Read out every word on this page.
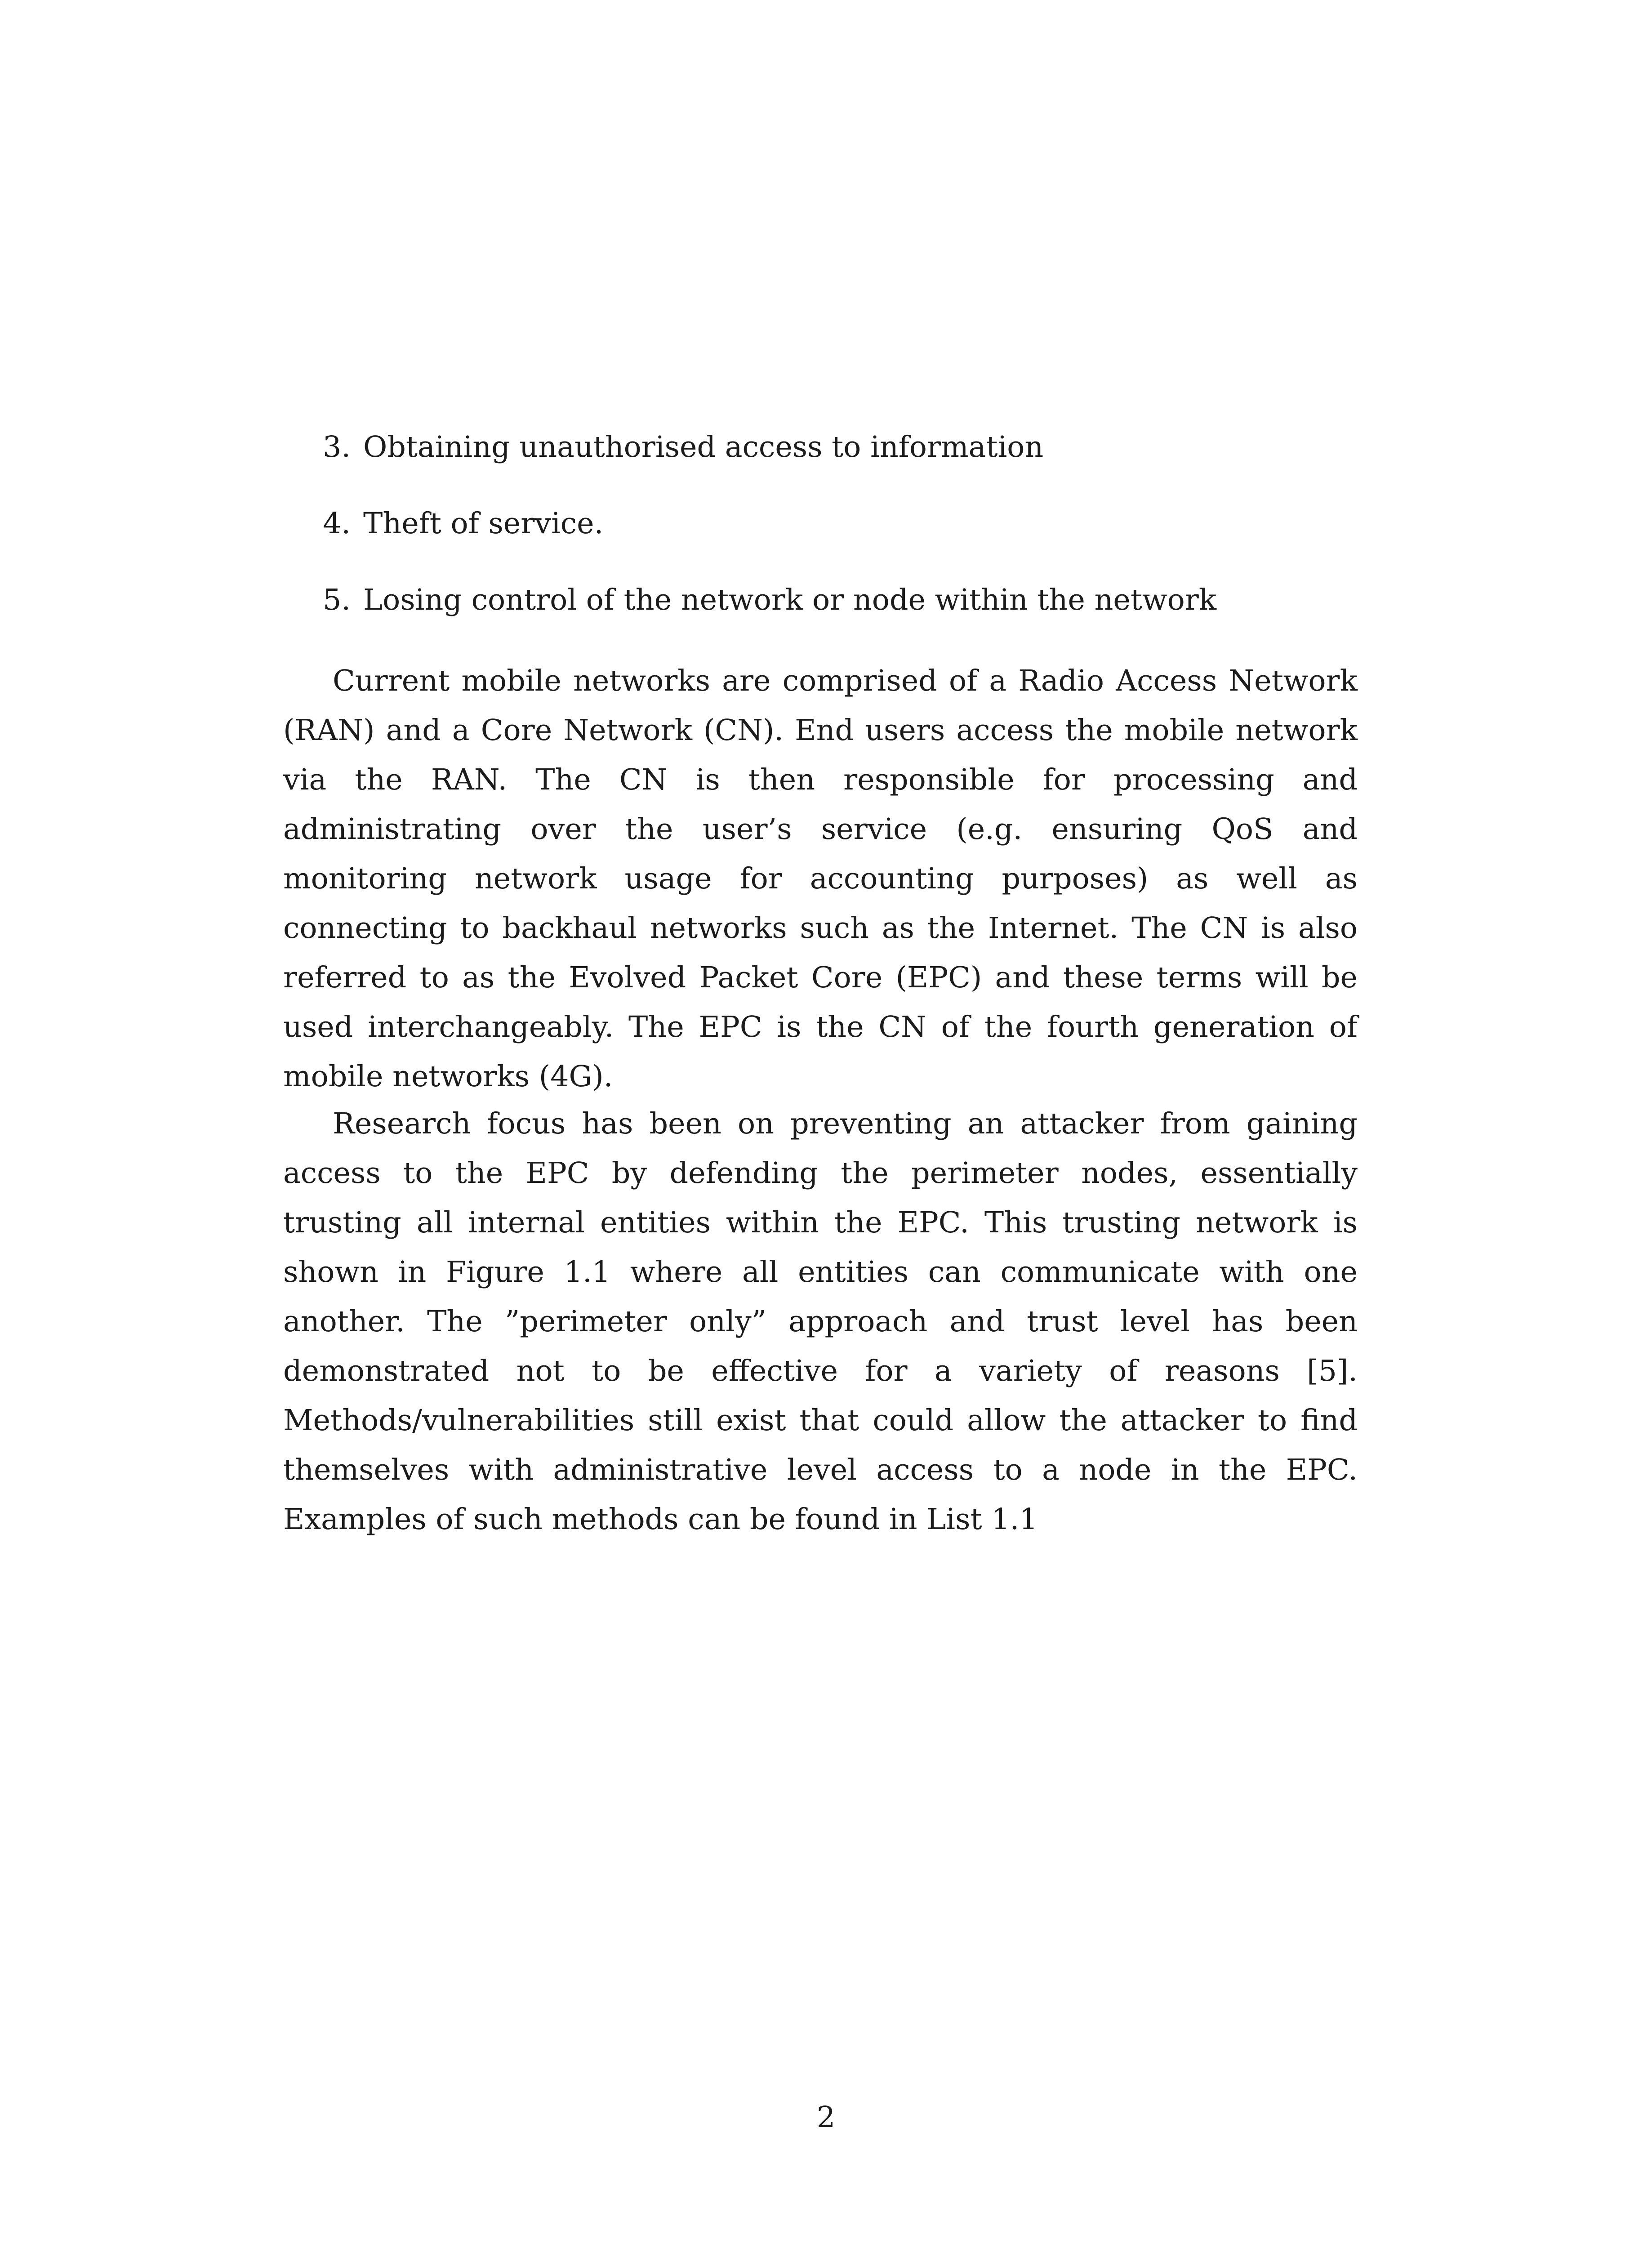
3. Obtaining unauthorised access to information
4. Theft of service.
5. Losing control of the network or node within the network

Current mobile networks are comprised of a Radio Access Network (RAN) and a Core Network (CN). End users access the mobile network via the RAN. The CN is then responsible for processing and administrating over the user’s service (e.g. ensuring QoS and monitoring network usage for accounting purposes) as well as connecting to backhaul networks such as the Internet. The CN is also referred to as the Evolved Packet Core (EPC) and these terms will be used interchangeably. The EPC is the CN of the fourth generation of mobile networks (4G).

Research focus has been on preventing an attacker from gaining access to the EPC by defending the perimeter nodes, essentially trusting all internal entities within the EPC. This trusting network is shown in Figure 1.1 where all entities can communicate with one another. The ”perimeter only” approach and trust level has been demonstrated not to be effective for a variety of reasons [5]. Methods/vulnerabilities still exist that could allow the attacker to find themselves with administrative level access to a node in the EPC. Examples of such methods can be found in List 1.1

2
